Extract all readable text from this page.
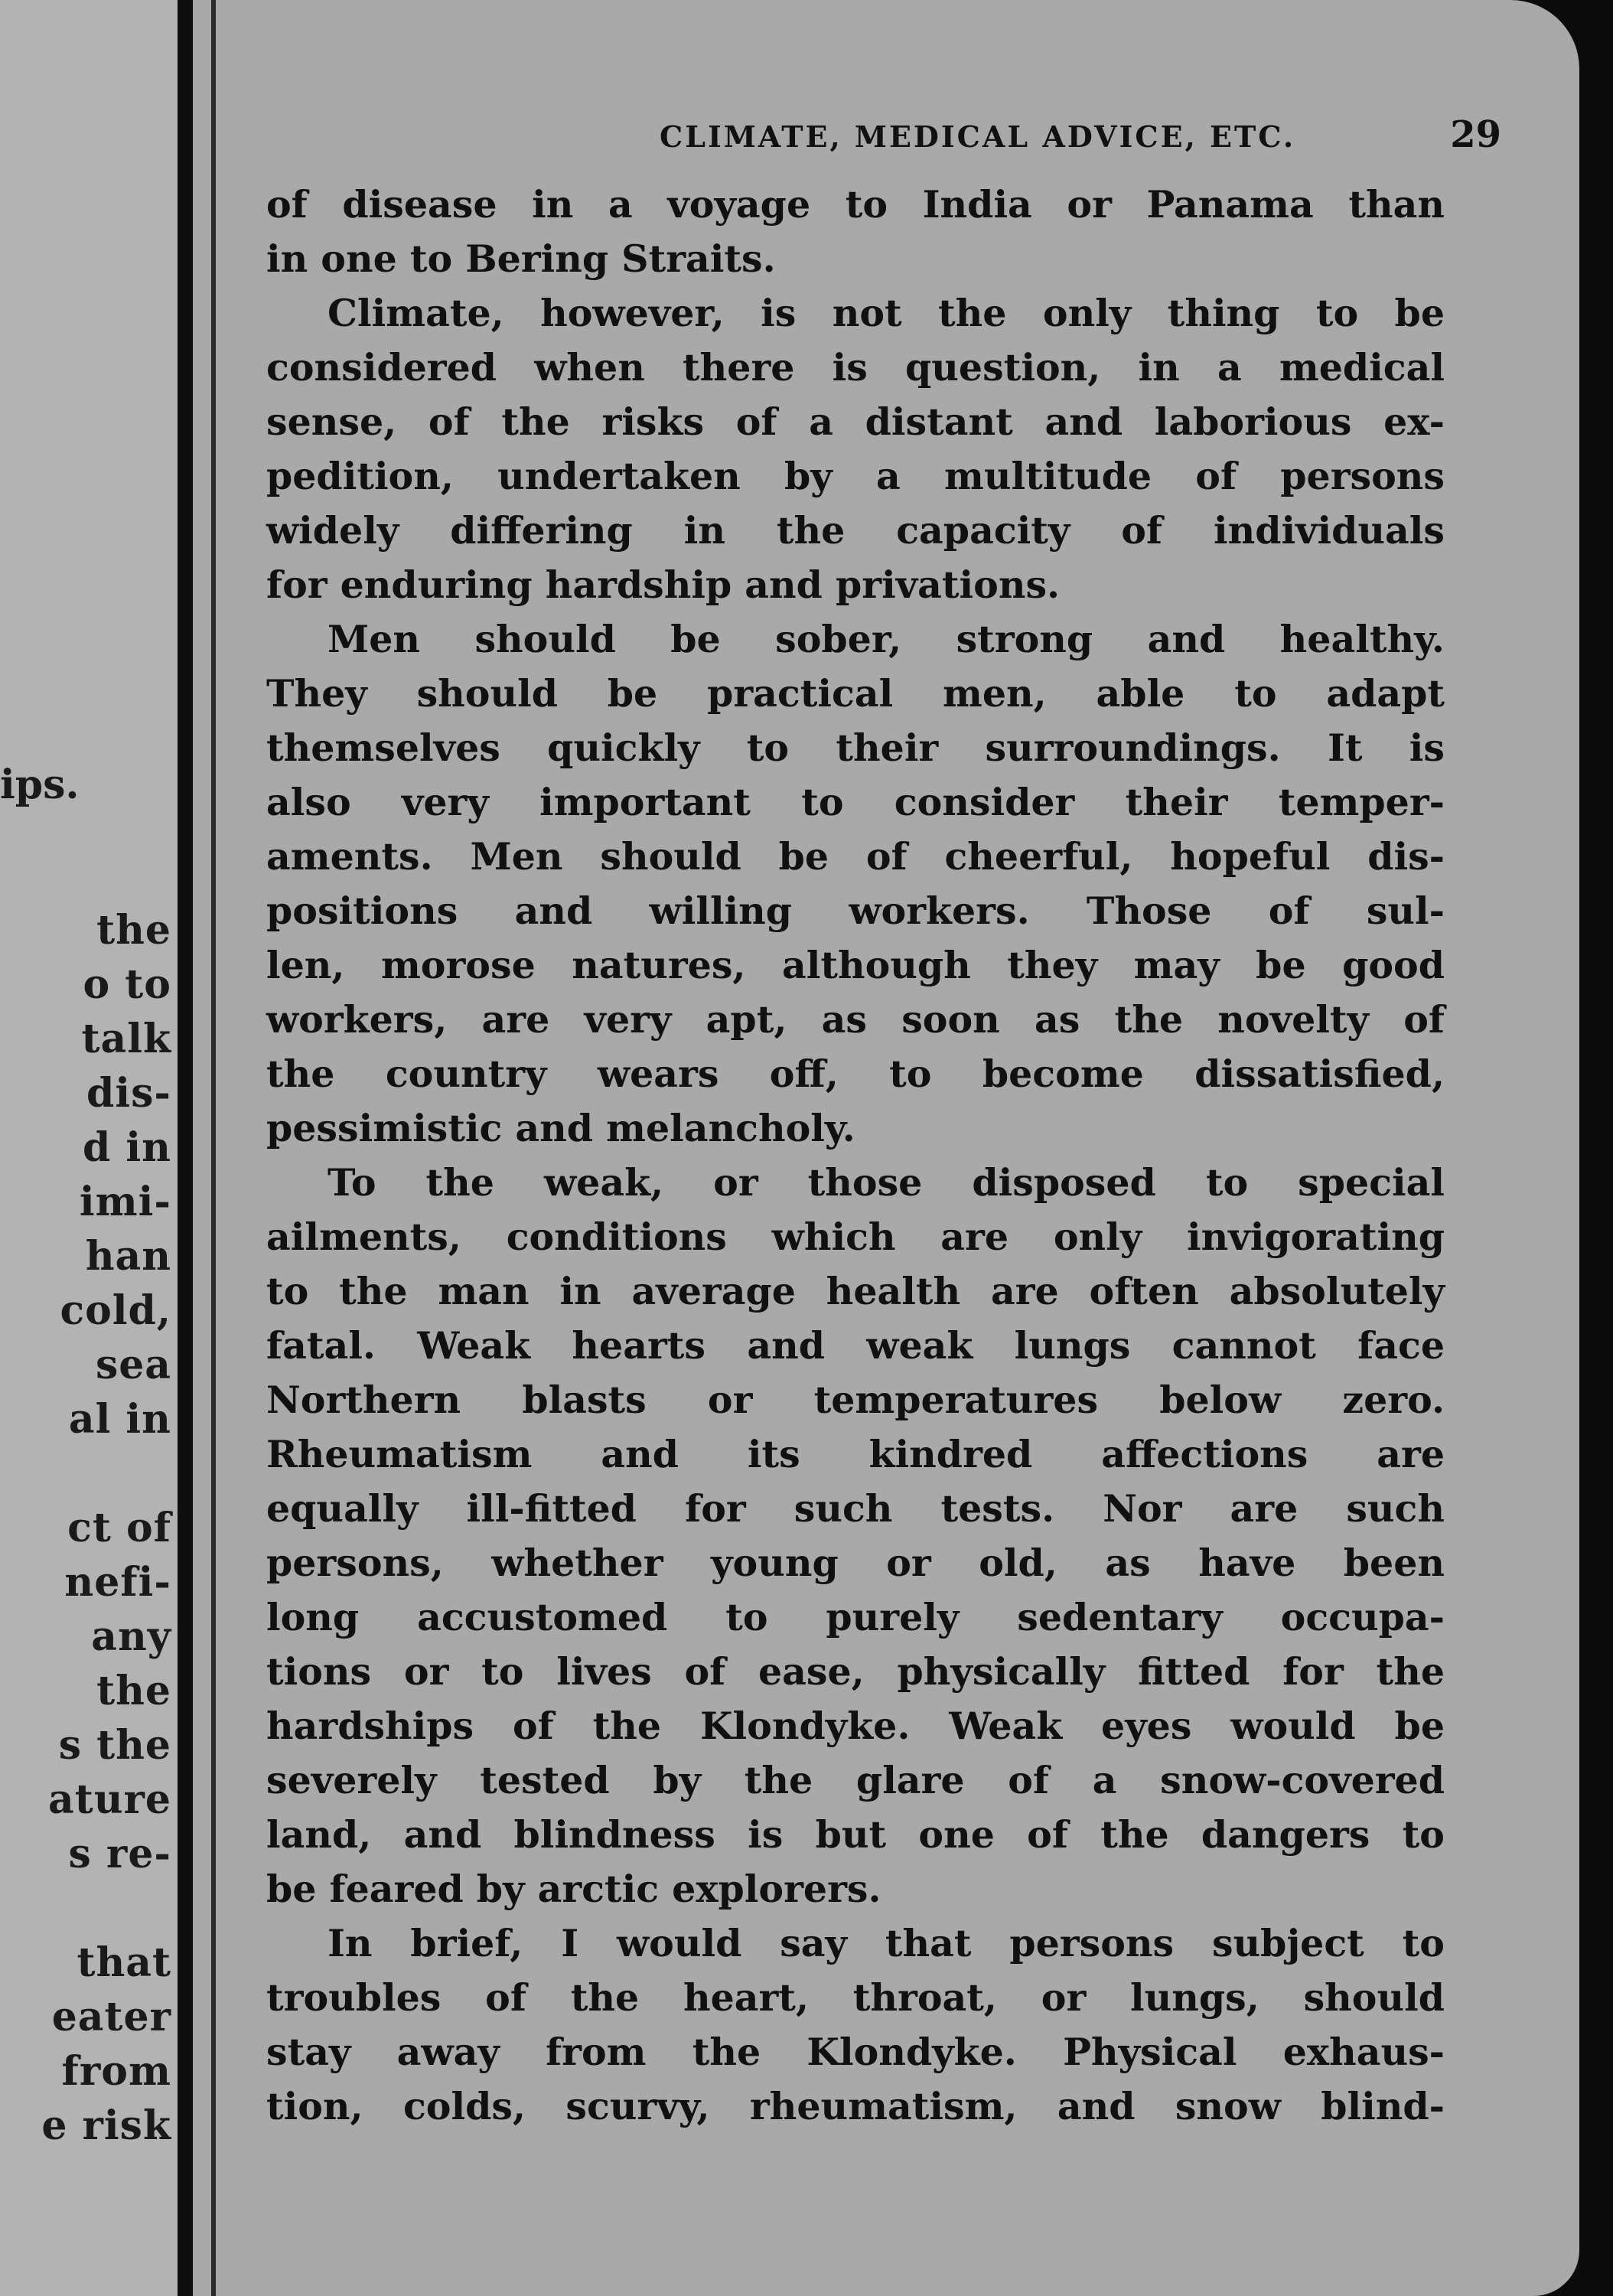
ips.
the
o to
talk
dis-
d in
imi-
han
cold,
sea
al in
ct of
nefi-
any
the
s the
ature
s re-
that
eater
from
e risk
CLIMATE, MEDICAL ADVICE, ETC.	29
of disease in a voyage to India or Panama than
in one to Bering Straits.
Climate, however, is not the only thing to be
considered when there is question, in a medical
sense, of the risks of a distant and laborious ex-
pedition, undertaken by a multitude of persons
widely differing in the capacity of individuals
for enduring hardship and privations.
Men should be sober, strong and healthy.
They should be practical men, able to adapt
themselves quickly to their surroundings. It is
also very important to consider their temper-
aments. Men should be of cheerful, hopeful dis-
positions and willing workers. Those of sul-
len, morose natures, although they may be good
workers, are very apt, as soon as the novelty of
the country wears off, to become dissatisfied,
pessimistic and melancholy.
To the weak, or those disposed to special
ailments, conditions which are only invigorating
to the man in average health are often absolutely
fatal. Weak hearts and weak lungs cannot face
Northern blasts or temperatures below zero.
Rheumatism and its kindred affections are
equally ill-fitted for such tests. Nor are such
persons, whether young or old, as have been
long accustomed to purely sedentary occupa-
tions or to lives of ease, physically fitted for the
hardships of the Klondyke. Weak eyes would be
severely tested by the glare of a snow-covered
land, and blindness is but one of the dangers to
be feared by arctic explorers.
In brief, I would say that persons subject to
troubles of the heart, throat, or lungs, should
stay away from the Klondyke. Physical exhaus-
tion, colds, scurvy, rheumatism, and snow blind-
